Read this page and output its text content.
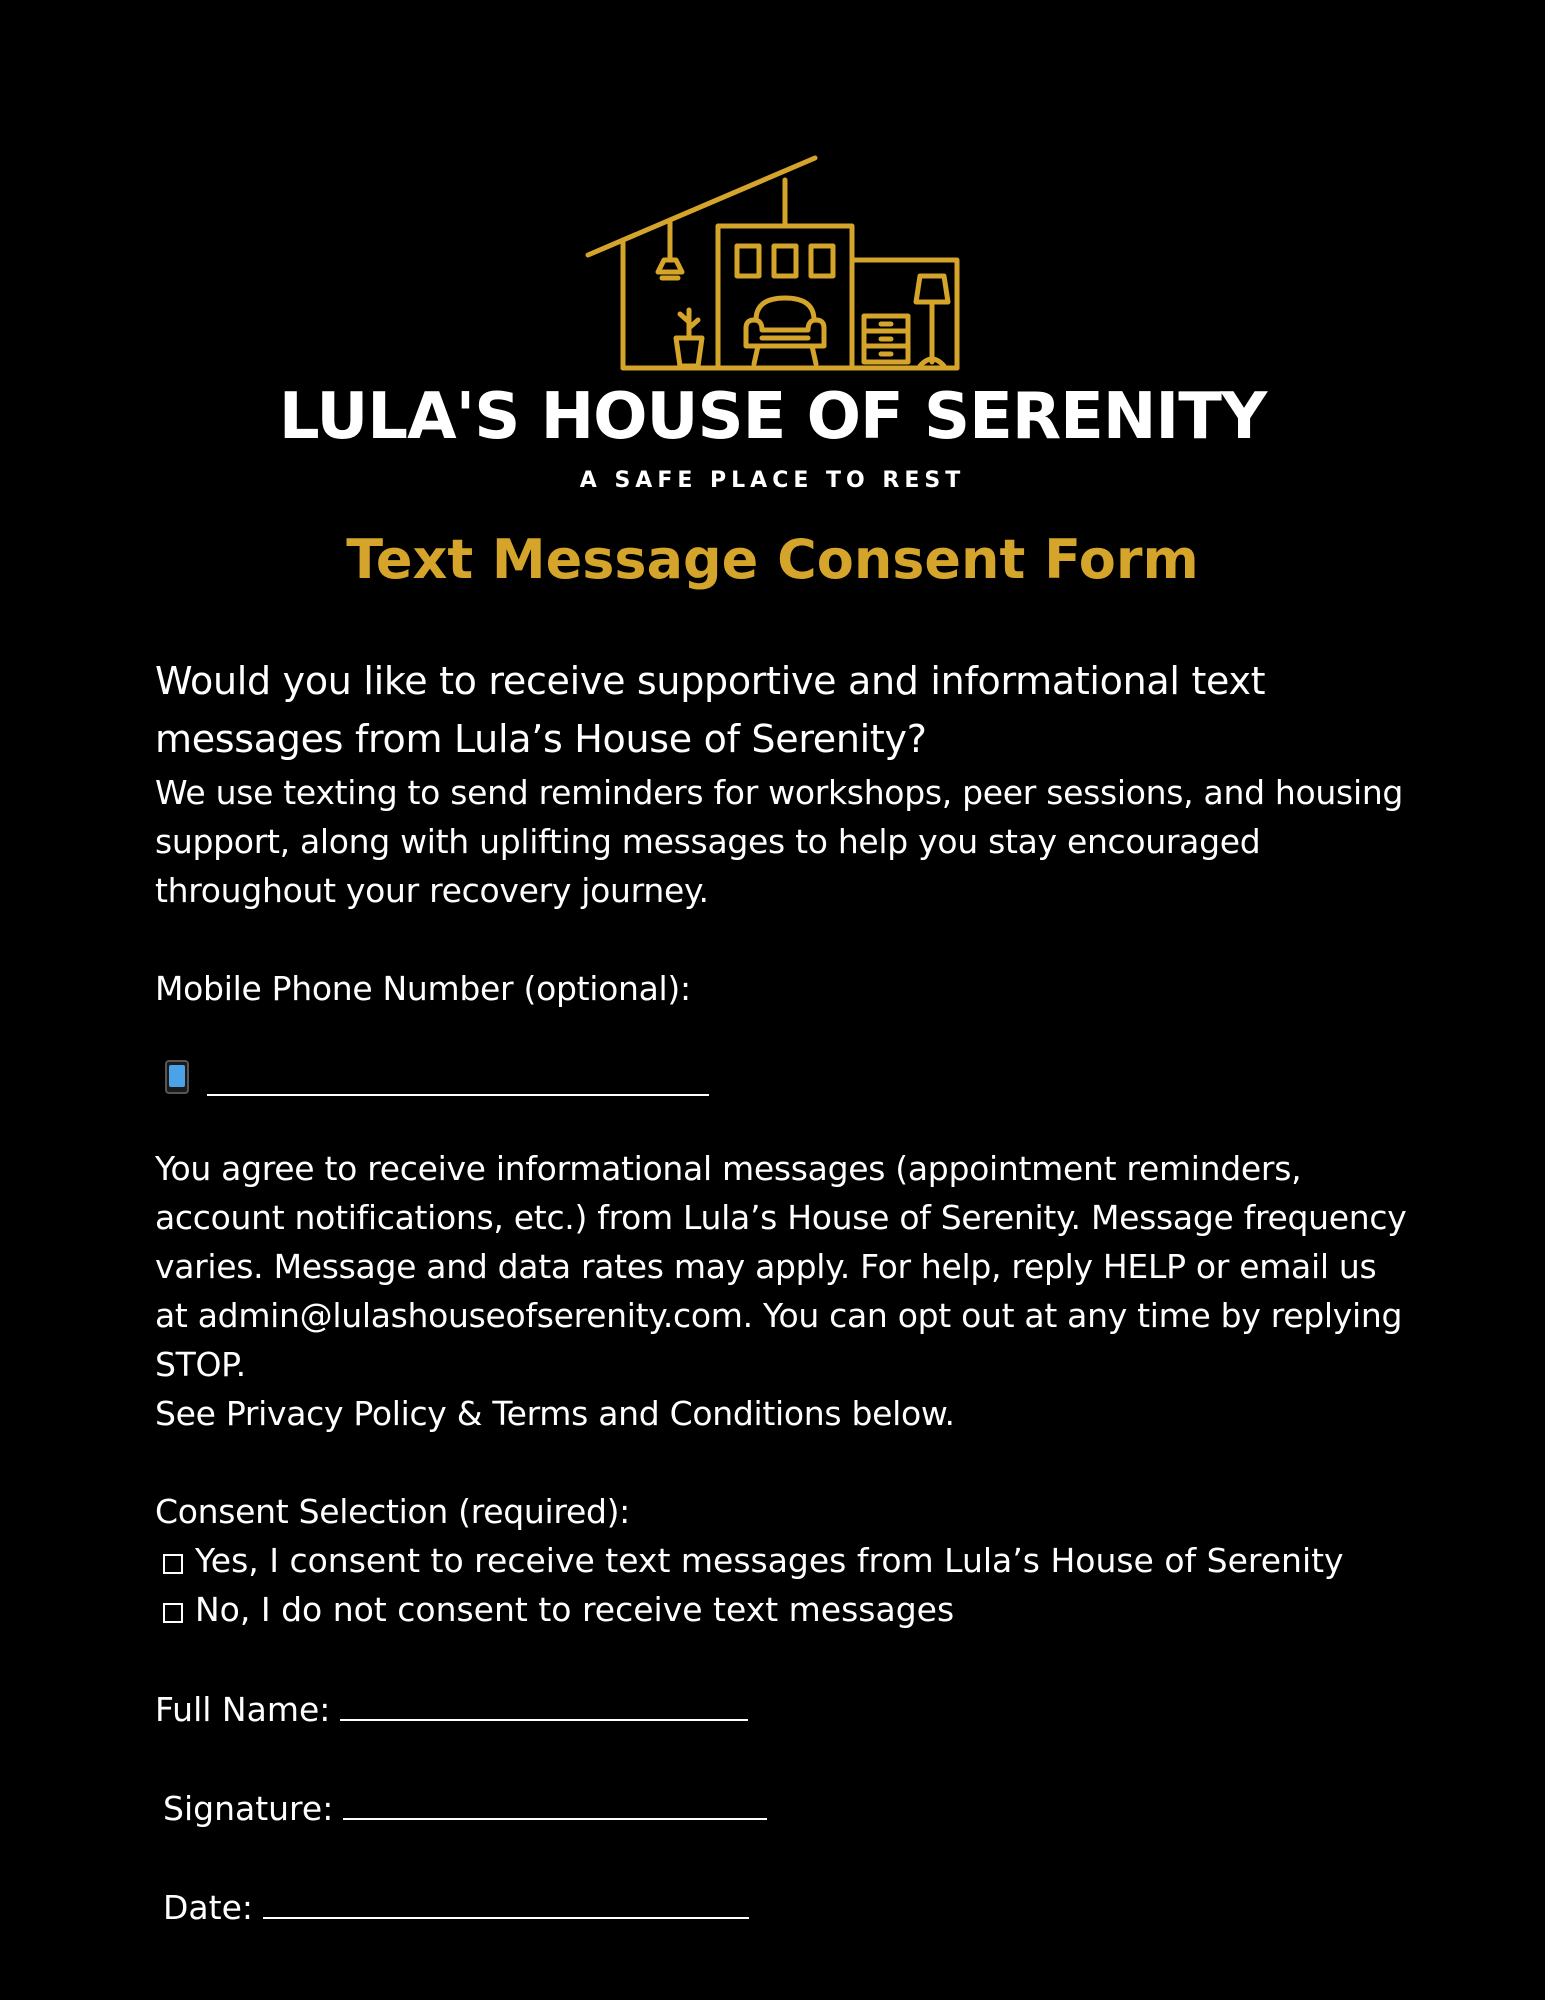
LULA'S HOUSE OF SERENITY
A SAFE PLACE TO REST
Text Message Consent Form

Would you like to receive supportive and informational text messages from Lula’s House of Serenity?

We use texting to send reminders for workshops, peer sessions, and housing support, along with uplifting messages to help you stay encouraged throughout your recovery journey.

Mobile Phone Number (optional):

You agree to receive informational messages (appointment reminders, account notifications, etc.) from Lula’s House of Serenity. Message frequency varies. Message and data rates may apply. For help, reply HELP or email us at admin@lulashouseofserenity.com. You can opt out at any time by replying STOP.

See Privacy Policy & Terms and Conditions below.

Consent Selection (required):

Yes, I consent to receive text messages from Lula’s House of Serenity

No, I do not consent to receive text messages

Full Name:
Signature:
Date:
